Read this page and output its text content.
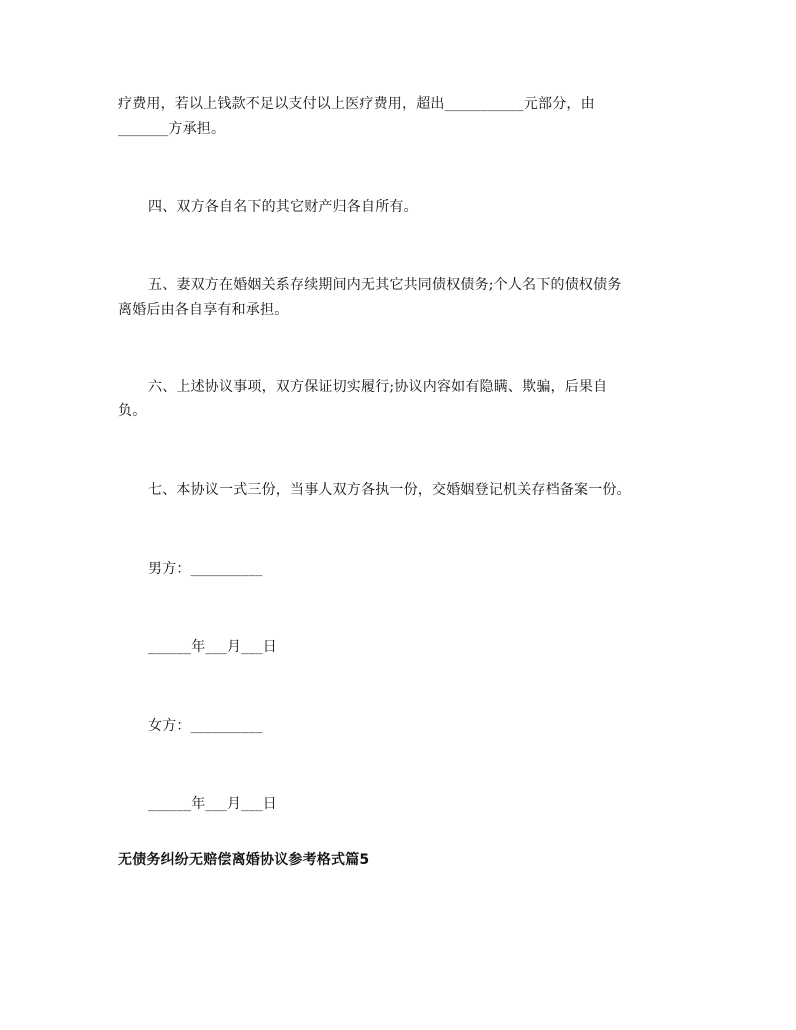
疗费用，若以上钱款不足以支付以上医疗费用，超出___________元部分，由
_______方承担。
四、双方各自名下的其它财产归各自所有。
五、妻双方在婚姻关系存续期间内无其它共同债权债务;个人名下的债权债务
离婚后由各自享有和承担。
六、上述协议事项，双方保证切实履行;协议内容如有隐瞒、欺骗，后果自
负。
七、本协议一式三份，当事人双方各执一份，交婚姻登记机关存档备案一份。
男方：__________
______年___月___日
女方：__________
______年___月___日
无债务纠纷无赔偿离婚协议参考格式篇5
